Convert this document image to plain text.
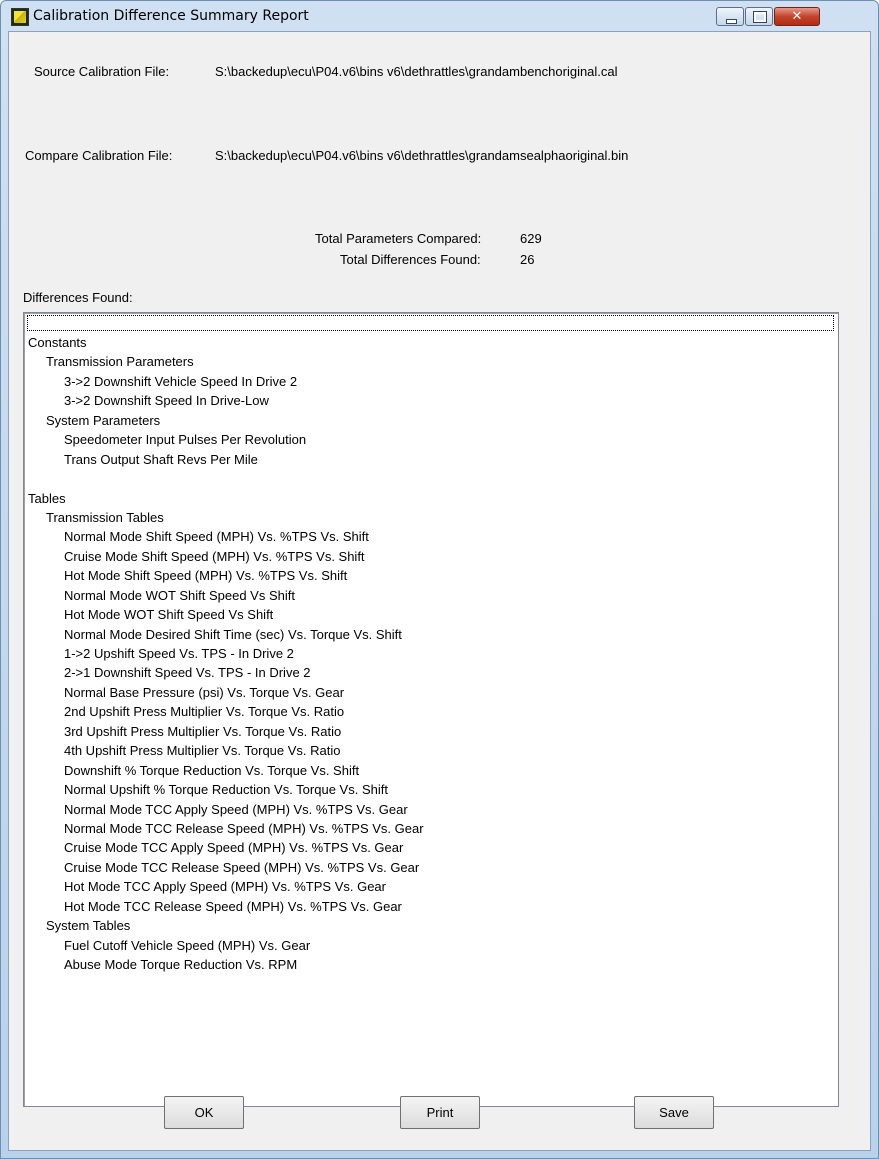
Calibration Difference Summary Report
✕
Source Calibration File:	S:\backedup\ecu\P04.v6\bins v6\dethrattles\grandambenchoriginal.cal
Compare Calibration File:	S:\backedup\ecu\P04.v6\bins v6\dethrattles\grandamsealphaoriginal.bin
Total Parameters Compared:	629
Total Differences Found:	26
Differences Found:
Constants
Transmission Parameters
3->2 Downshift Vehicle Speed In Drive 2
3->2 Downshift Speed In Drive-Low
System Parameters
Speedometer Input Pulses Per Revolution
Trans Output Shaft Revs Per Mile
Tables
Transmission Tables
Normal Mode Shift Speed (MPH) Vs. %TPS Vs. Shift
Cruise Mode Shift Speed (MPH) Vs. %TPS Vs. Shift
Hot Mode Shift Speed (MPH) Vs. %TPS Vs. Shift
Normal Mode WOT Shift Speed Vs Shift
Hot Mode WOT Shift Speed Vs Shift
Normal Mode Desired Shift Time (sec) Vs. Torque Vs. Shift
1->2 Upshift Speed Vs. TPS - In Drive 2
2->1 Downshift Speed Vs. TPS - In Drive 2
Normal Base Pressure (psi) Vs. Torque Vs. Gear
2nd Upshift Press Multiplier Vs. Torque Vs. Ratio
3rd Upshift Press Multiplier Vs. Torque Vs. Ratio
4th Upshift Press Multiplier Vs. Torque Vs. Ratio
Downshift % Torque Reduction Vs. Torque Vs. Shift
Normal Upshift % Torque Reduction Vs. Torque Vs. Shift
Normal Mode TCC Apply Speed (MPH) Vs. %TPS Vs. Gear
Normal Mode TCC Release Speed (MPH) Vs. %TPS Vs. Gear
Cruise Mode TCC Apply Speed (MPH) Vs. %TPS Vs. Gear
Cruise Mode TCC Release Speed (MPH) Vs. %TPS Vs. Gear
Hot Mode TCC Apply Speed (MPH) Vs. %TPS Vs. Gear
Hot Mode TCC Release Speed (MPH) Vs. %TPS Vs. Gear
System Tables
Fuel Cutoff Vehicle Speed (MPH) Vs. Gear
Abuse Mode Torque Reduction Vs. RPM
OK	Print	Save
